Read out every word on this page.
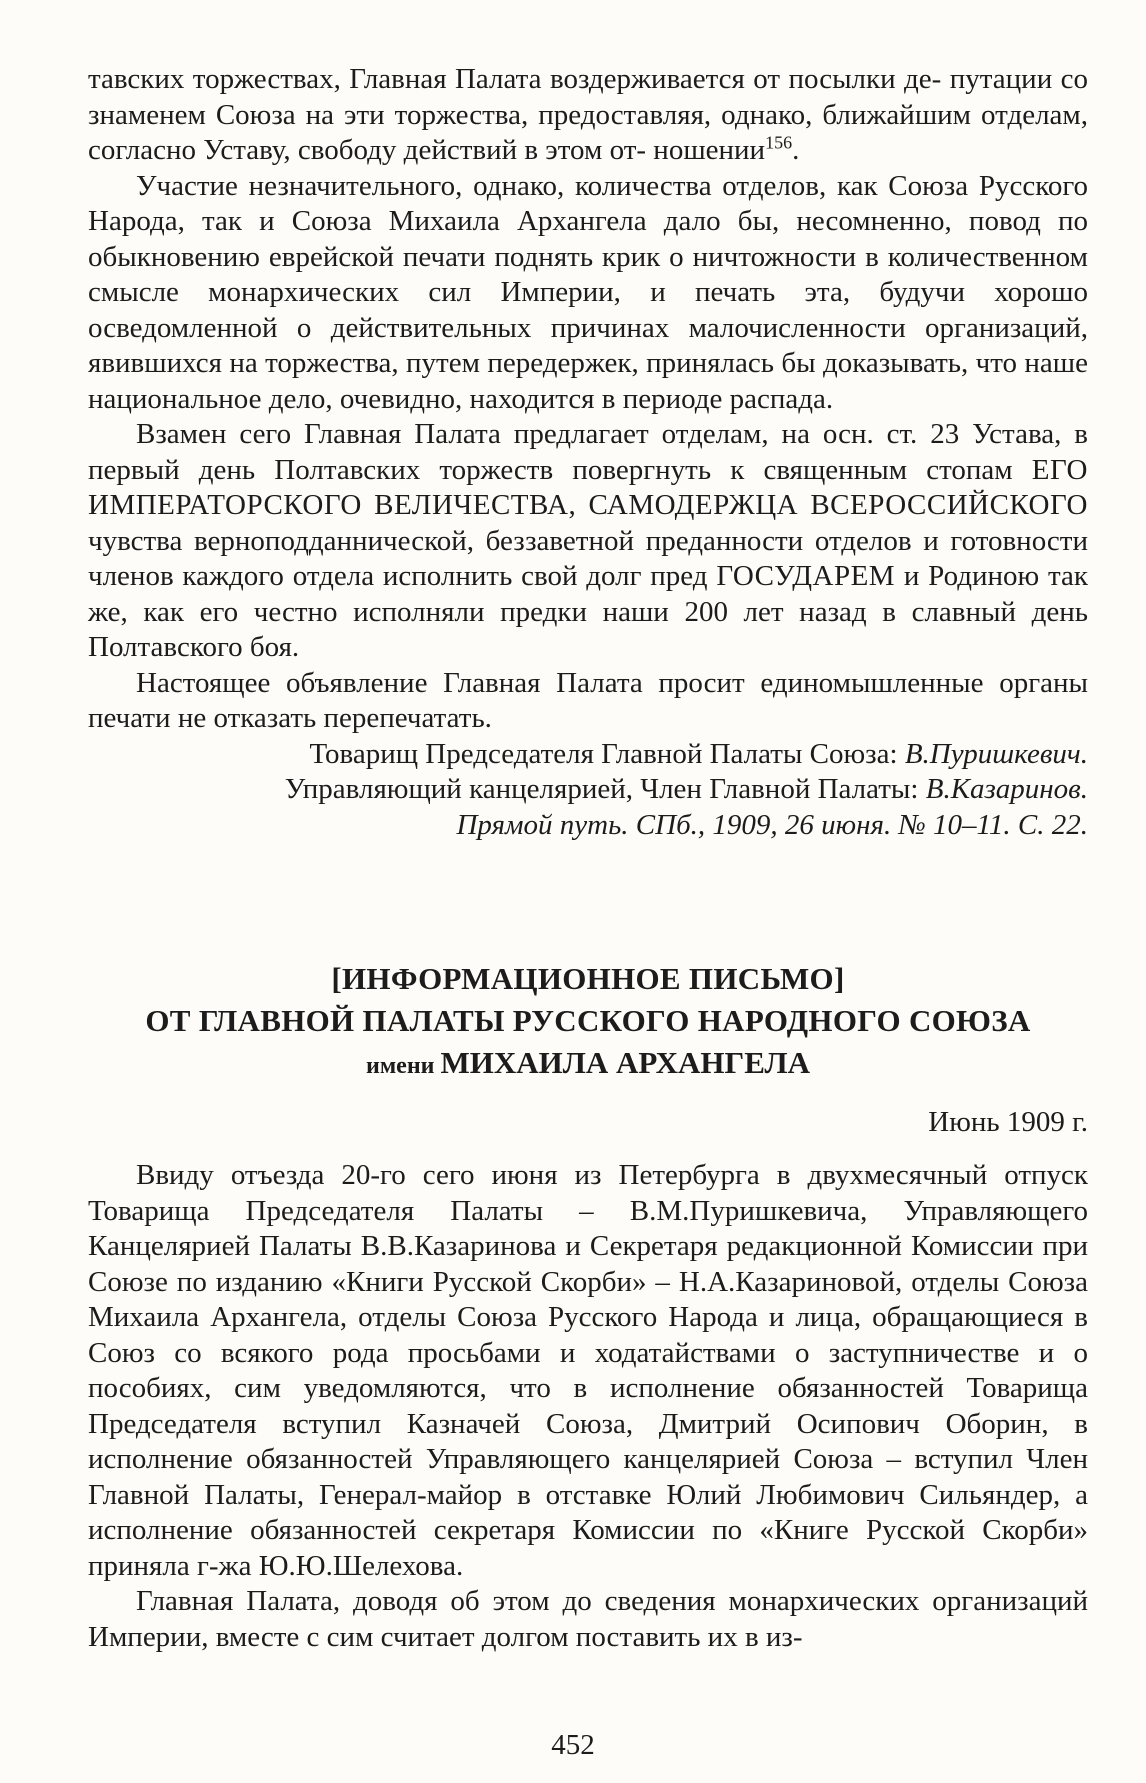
тавских торжествах, Главная Палата воздерживается от посылки де- путации со знаменем Союза на эти торжества, предоставляя, однако, ближайшим отделам, согласно Уставу, свободу действий в этом от- ношении$^{156}$.

Участие незначительного, однако, количества отделов, как Союза Русского Народа, так и Союза Михаила Архангела дало бы, несомненно, повод по обыкновению еврейской печати поднять крик о ничтожности в количественном смысле монархических сил Империи, и печать эта, будучи хорошо осведомленной о действительных причинах малочисленности организаций, явившихся на торжества, путем передержек, принялась бы доказывать, что наше национальное дело, очевидно, находится в периоде распада.

Взамен сего Главная Палата предлагает отделам, на осн. ст. 23 Устава, в первый день Полтавских торжеств повергнуть к священным стопам ЕГО ИМПЕРАТОРСКОГО ВЕЛИЧЕСТВА, САМОДЕРЖЦА ВСЕРОССИЙСКОГО чувства верноподданнической, беззаветной преданности отделов и готовности членов каждого отдела исполнить свой долг пред ГОСУДАРЕМ и Родиною так же, как его честно исполняли предки наши 200 лет назад в славный день Полтавского боя.

Настоящее объявление Главная Палата просит единомышленные органы печати не отказать перепечатать.

Товарищ Председателя Главной Палаты Союза: В.Пуришкевич.

Управляющий канцелярией, Член Главной Палаты: В.Казаринов.

Прямой путь. СПб., 1909, 26 июня. № 10–11. С. 22.

[ИНФОРМАЦИОННОЕ ПИСЬМО]
ОТ ГЛАВНОЙ ПАЛАТЫ РУССКОГО НАРОДНОГО СОЮЗА
имени МИХАИЛА АРХАНГЕЛА
Июнь 1909 г.

Ввиду отъезда 20-го сего июня из Петербурга в двухмесячный отпуск Товарища Председателя Палаты – В.М.Пуришкевича, Управляющего Канцелярией Палаты В.В.Казаринова и Секретаря редакционной Комиссии при Союзе по изданию «Книги Русской Скорби» – Н.А.Казариновой, отделы Союза Михаила Архангела, отделы Союза Русского Народа и лица, обращающиеся в Союз со всякого рода просьбами и ходатайствами о заступничестве и о пособиях, сим уведомляются, что в исполнение обязанностей Товарища Председателя вступил Казначей Союза, Дмитрий Осипович Оборин, в исполнение обязанностей Управляющего канцелярией Союза – вступил Член Главной Палаты, Генерал-майор в отставке Юлий Любимович Сильяндер, а исполнение обязанностей секретаря Комиссии по «Книге Русской Скорби» приняла г-жа Ю.Ю.Шелехова.

Главная Палата, доводя об этом до сведения монархических организаций Империи, вместе с сим считает долгом поставить их в из-

452
